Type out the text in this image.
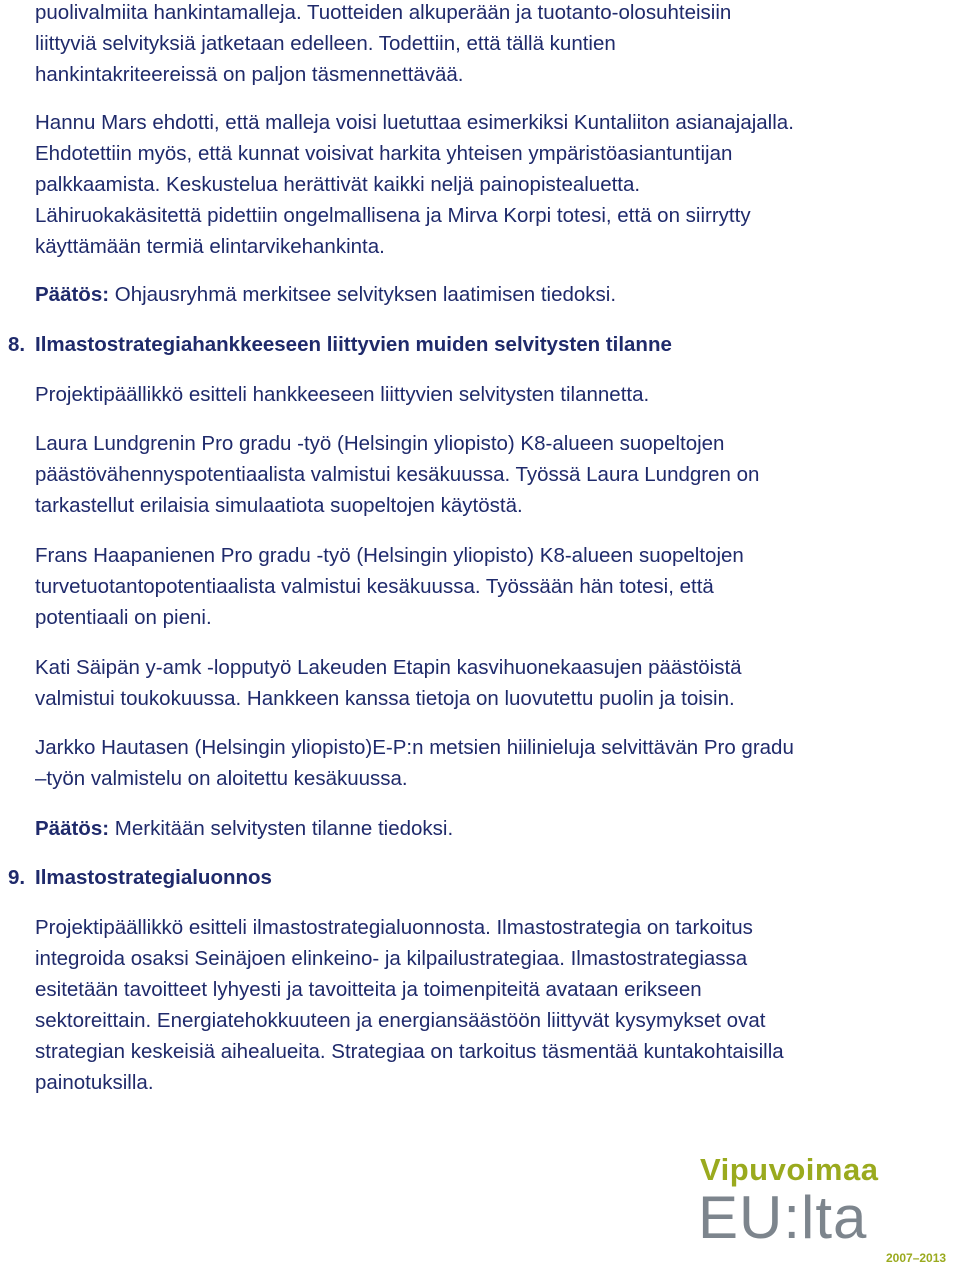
puolivalmiita hankintamalleja. Tuotteiden alkuperään ja tuotanto-olosuhteisiin
liittyviä selvityksiä jatketaan edelleen. Todettiin, että tällä kuntien
hankintakriteereissä on paljon täsmennettävää.
Hannu Mars ehdotti, että malleja voisi luetuttaa esimerkiksi Kuntaliiton asianajajalla.
Ehdotettiin myös, että kunnat voisivat harkita yhteisen ympäristöasiantuntijan
palkkaamista. Keskustelua herättivät kaikki neljä painopistealuetta.
Lähiruokakäsitettä pidettiin ongelmallisena ja Mirva Korpi totesi, että on siirrytty
käyttämään termiä elintarvikehankinta.
Päätös: Ohjausryhmä merkitsee selvityksen laatimisen tiedoksi.
8. Ilmastostrategiahankkeeseen liittyvien muiden selvitysten tilanne
Projektipäällikkö esitteli hankkeeseen liittyvien selvitysten tilannetta.
Laura Lundgrenin Pro gradu -työ (Helsingin yliopisto) K8-alueen suopeltojen
päästövähennyspotentiaalista valmistui kesäkuussa. Työssä Laura Lundgren on
tarkastellut erilaisia simulaatiota suopeltojen käytöstä.
Frans Haapanienen Pro gradu -työ (Helsingin yliopisto) K8-alueen suopeltojen
turvetuotantopotentiaalista valmistui kesäkuussa. Työssään hän totesi, että
potentiaali on pieni.
Kati Säipän y-amk -lopputyö Lakeuden Etapin kasvihuonekaasujen päästöistä
valmistui toukokuussa. Hankkeen kanssa tietoja on luovutettu puolin ja toisin.
Jarkko Hautasen (Helsingin yliopisto)E-P:n metsien hiilinieluja selvittävän Pro gradu
–työn valmistelu on aloitettu kesäkuussa.
Päätös: Merkitään selvitysten tilanne tiedoksi.
9. Ilmastostrategialuonnos
Projektipäällikkö esitteli ilmastostrategialuonnosta. Ilmastostrategia on tarkoitus
integroida osaksi Seinäjoen elinkeino- ja kilpailustrategiaa. Ilmastostrategiassa
esitetään tavoitteet lyhyesti ja tavoitteita ja toimenpiteitä avataan erikseen
sektoreittain. Energiatehokkuuteen ja energiansäästöön liittyvät kysymykset ovat
strategian keskeisiä aihealueita. Strategiaa on tarkoitus täsmentää kuntakohtaisilla
painotuksilla.
Vipuvoimaa
EU:lta
2007–2013
